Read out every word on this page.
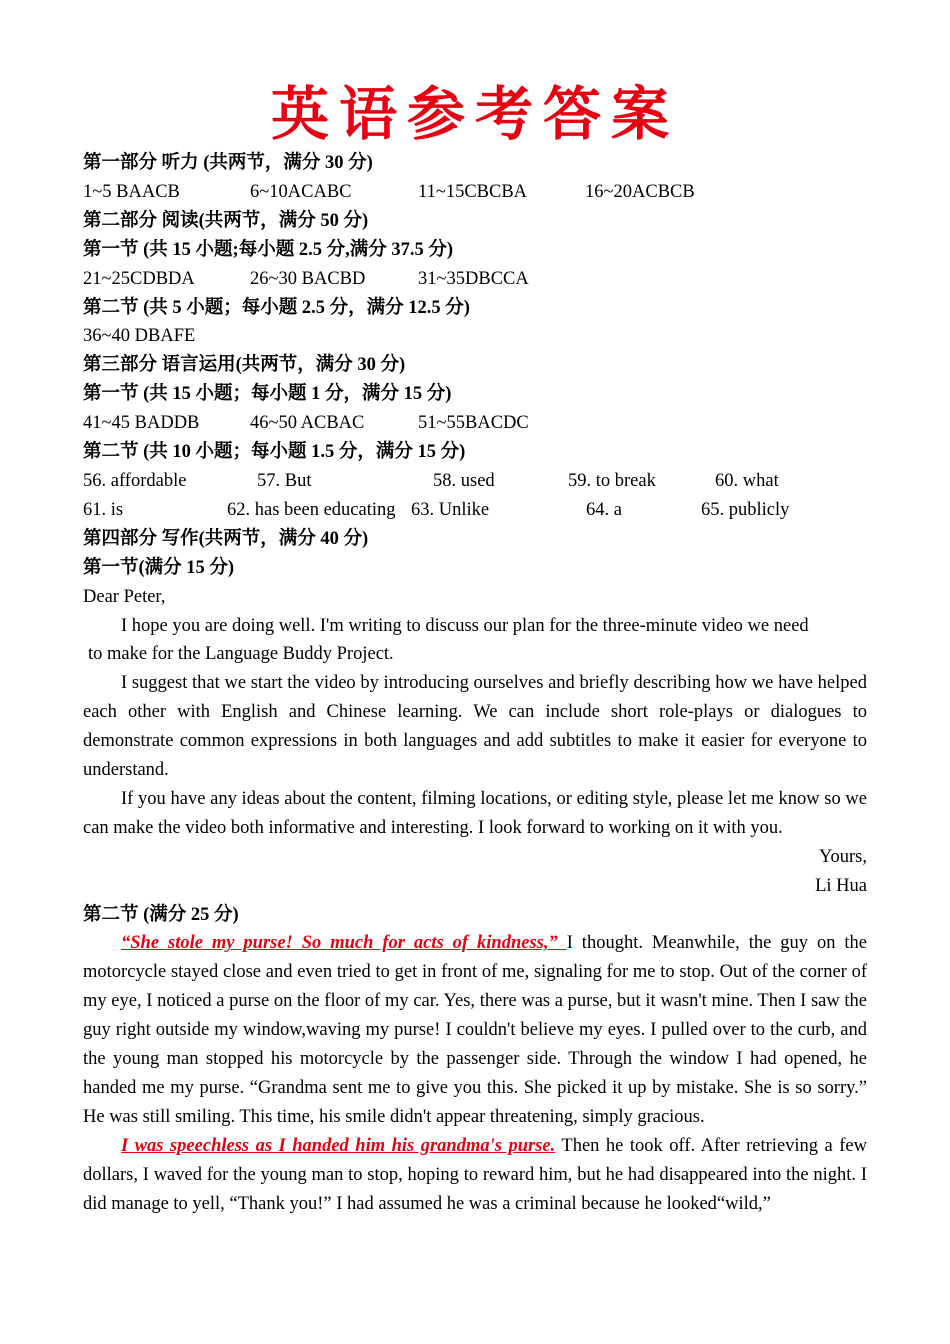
英语参考答案
第一部分 听力 (共两节，满分 30 分)
1~5 BAACB	6~10ACABC	11~15CBCBA	16~20ACBCB
第二部分 阅读(共两节，满分 50 分)
第一节 (共 15 小题;每小题 2.5 分,满分 37.5 分)
21~25CDBDA	26~30 BACBD	31~35DBCCA
第二节 (共 5 小题；每小题 2.5 分，满分 12.5 分)
36~40 DBAFE
第三部分 语言运用(共两节，满分 30 分)
第一节 (共 15 小题；每小题 1 分，满分 15 分)
41~45 BADDB	46~50 ACBAC	51~55BACDC
第二节 (共 10 小题；每小题 1.5 分，满分 15 分)
56. affordable	57. But	58. used	59. to break	60. what
61. is	62. has been educating 63. Unlike	64. a	65. publicly
第四部分 写作(共两节，满分 40 分)
第一节(满分 15 分)
Dear Peter,
I hope you are doing well. I'm writing to discuss our plan for the three-minute video we need
to make for the Language Buddy Project.

I suggest that we start the video by introducing ourselves and briefly describing how we have helped each other with English and Chinese learning. We can include short role-plays or dialogues to demonstrate common expressions in both languages and add subtitles to make it easier for everyone to understand.

If you have any ideas about the content, filming locations, or editing style, please let me know so we can make the video both informative and interesting. I look forward to working on it with you.

Yours,
Li Hua
第二节 (满分 25 分)

“She stole my purse! So much for acts of kindness,” I thought. Meanwhile, the guy on the motorcycle stayed close and even tried to get in front of me, signaling for me to stop. Out of the corner of my eye, I noticed a purse on the floor of my car. Yes, there was a purse, but it wasn't mine. Then I saw the guy right outside my window,waving my purse! I couldn't believe my eyes. I pulled over to the curb, and the young man stopped his motorcycle by the passenger side. Through the window I had opened, he handed me my purse. “Grandma sent me to give you this. She picked it up by mistake. She is so sorry.” He was still smiling. This time, his smile didn't appear threatening, simply gracious.

I was speechless as I handed him his grandma's purse. Then he took off. After retrieving a few dollars, I waved for the young man to stop, hoping to reward him, but he had disappeared into the night. I did manage to yell, “Thank you!” I had assumed he was a criminal because he looked“wild,”
